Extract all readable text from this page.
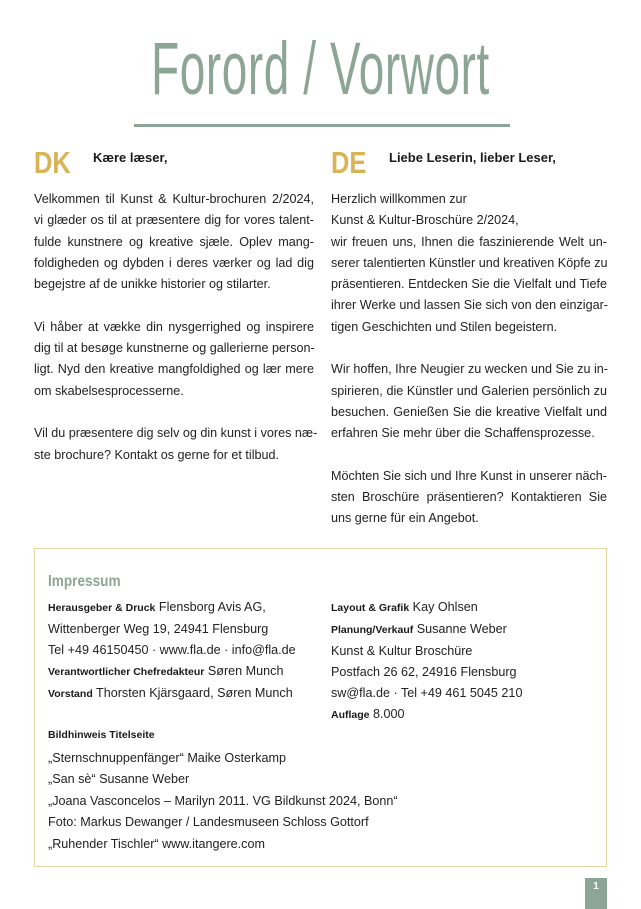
Forord / Vorwort
DK Kære læser,

Velkommen til Kunst & Kultur-brochuren 2/2024,
vi glæder os til at præsentere dig for vores talent-
fulde kunstnere og kreative sjæle. Oplev mang-
foldigheden og dybden i deres værker og lad dig
begejstre af de unikke historier og stilarter.

Vi håber at vække din nysgerrighed og inspirere
dig til at besøge kunstnerne og gallerierne person-
ligt. Nyd den kreative mangfoldighed og lær mere
om skabelsesprocesserne.

Vil du præsentere dig selv og din kunst i vores næ-
ste brochure? Kontakt os gerne for et tilbud.

DE Liebe Leserin, lieber Leser,

Herzlich willkommen zur
Kunst & Kultur-Broschüre 2/2024,
wir freuen uns, Ihnen die faszinierende Welt un-
serer talentierten Künstler und kreativen Köpfe zu
präsentieren. Entdecken Sie die Vielfalt und Tiefe
ihrer Werke und lassen Sie sich von den einzigar-
tigen Geschichten und Stilen begeistern.

Wir hoffen, Ihre Neugier zu wecken und Sie zu in-
spirieren, die Künstler und Galerien persönlich zu
besuchen. Genießen Sie die kreative Vielfalt und
erfahren Sie mehr über die Schaffensprozesse.

Möchten Sie sich und Ihre Kunst in unserer näch-
sten Broschüre präsentieren? Kontaktieren Sie
uns gerne für ein Angebot.

Impressum
Herausgeber & Druck Flensborg Avis AG,
Wittenberger Weg 19, 24941 Flensburg
Tel +49 46150450 · www.fla.de · info@fla.de
Verantwortlicher Chefredakteur Søren Munch
Vorstand Thorsten Kjärsgaard, Søren Munch
Layout & Grafik Kay Ohlsen
Planung/Verkauf Susanne Weber
Kunst & Kultur Broschüre
Postfach 26 62, 24916 Flensburg
sw@fla.de · Tel +49 461 5045 210
Auflage 8.000
Bildhinweis Titelseite
„Sternschnuppenfänger“ Maike Osterkamp
„San sè“ Susanne Weber
„Joana Vasconcelos – Marilyn 2011. VG Bildkunst 2024, Bonn“
Foto: Markus Dewanger / Landesmuseen Schloss Gottorf
„Ruhender Tischler“ www.itangere.com
1
